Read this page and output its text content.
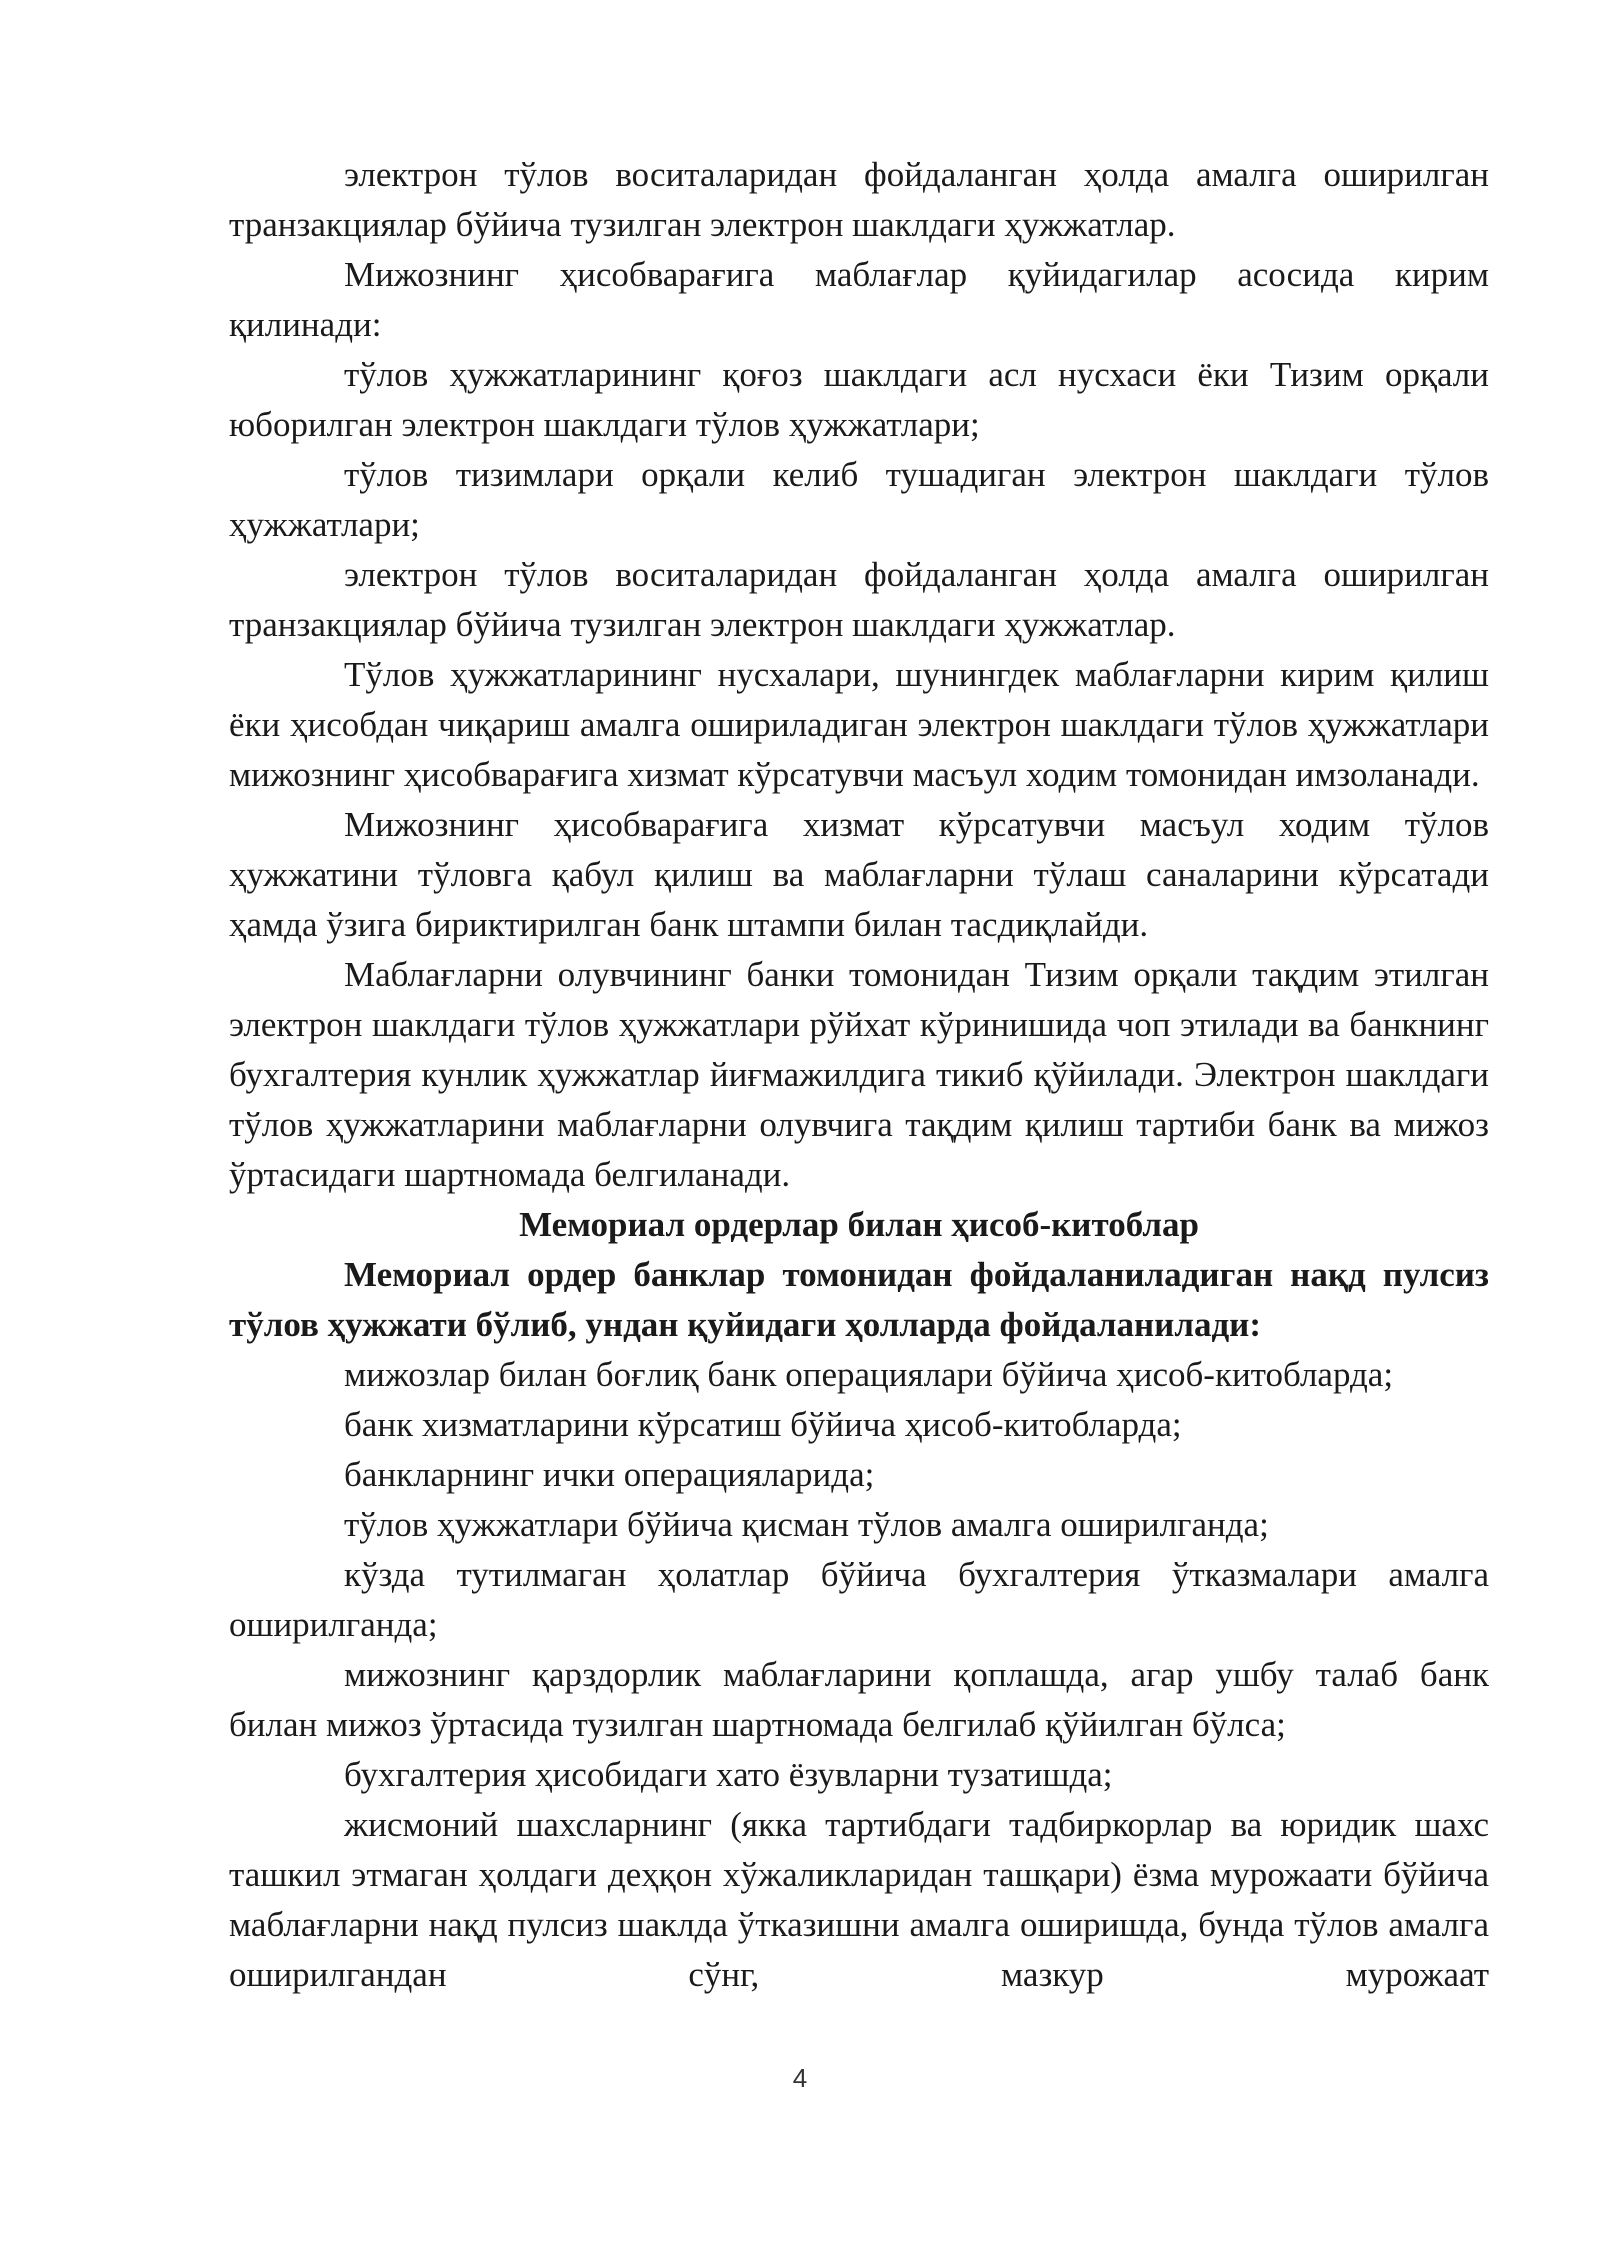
электрон тўлов воситаларидан фойдаланган ҳолда амалга оширилган транзакциялар бўйича тузилган электрон шаклдаги ҳужжатлар.

Мижознинг ҳисобварағига маблағлар қуйидагилар асосида кирим қилинади:

тўлов ҳужжатларининг қоғоз шаклдаги асл нусхаси ёки Тизим орқали юборилган электрон шаклдаги тўлов ҳужжатлари;

тўлов тизимлари орқали келиб тушадиган электрон шаклдаги тўлов ҳужжатлари;

электрон тўлов воситаларидан фойдаланган ҳолда амалга оширилган транзакциялар бўйича тузилган электрон шаклдаги ҳужжатлар.

Тўлов ҳужжатларининг нусхалари, шунингдек маблағларни кирим қилиш ёки ҳисобдан чиқариш амалга ошириладиган электрон шаклдаги тўлов ҳужжатлари мижознинг ҳисобварағига хизмат кўрсатувчи масъул ходим томонидан имзоланади.

Мижознинг ҳисобварағига хизмат кўрсатувчи масъул ходим тўлов ҳужжатини тўловга қабул қилиш ва маблағларни тўлаш саналарини кўрсатади ҳамда ўзига бириктирилган банк штампи билан тасдиқлайди.

Маблағларни олувчининг банки томонидан Тизим орқали тақдим этилган электрон шаклдаги тўлов ҳужжатлари рўйхат кўринишида чоп этилади ва банкнинг бухгалтерия кунлик ҳужжатлар йиғмажилдига тикиб қўйилади. Электрон шаклдаги тўлов ҳужжатларини маблағларни олувчига тақдим қилиш тартиби банк ва мижоз ўртасидаги шартномада белгиланади.

Мемориал ордерлар билан ҳисоб-китоблар

Мемориал ордер банклар томонидан фойдаланиладиган нақд пулсиз тўлов ҳужжати бўлиб, ундан қуйидаги ҳолларда фойдаланилади:

мижозлар билан боғлиқ банк операциялари бўйича ҳисоб-китобларда;

банк хизматларини кўрсатиш бўйича ҳисоб-китобларда;

банкларнинг ички операцияларида;

тўлов ҳужжатлари бўйича қисман тўлов амалга оширилганда;

кўзда тутилмаган ҳолатлар бўйича бухгалтерия ўтказмалари амалга оширилганда;

мижознинг қарздорлик маблағларини қоплашда, агар ушбу талаб банк билан мижоз ўртасида тузилган шартномада белгилаб қўйилган бўлса;

бухгалтерия ҳисобидаги хато ёзувларни тузатишда;

жисмоний шахсларнинг (якка тартибдаги тадбиркорлар ва юридик шахс ташкил этмаган ҳолдаги деҳқон хўжаликларидан ташқари) ёзма мурожаати бўйича маблағларни нақд пулсиз шаклда ўтказишни амалга оширишда, бунда тўлов амалга оширилгандан сўнг, мазкур мурожаат

4
